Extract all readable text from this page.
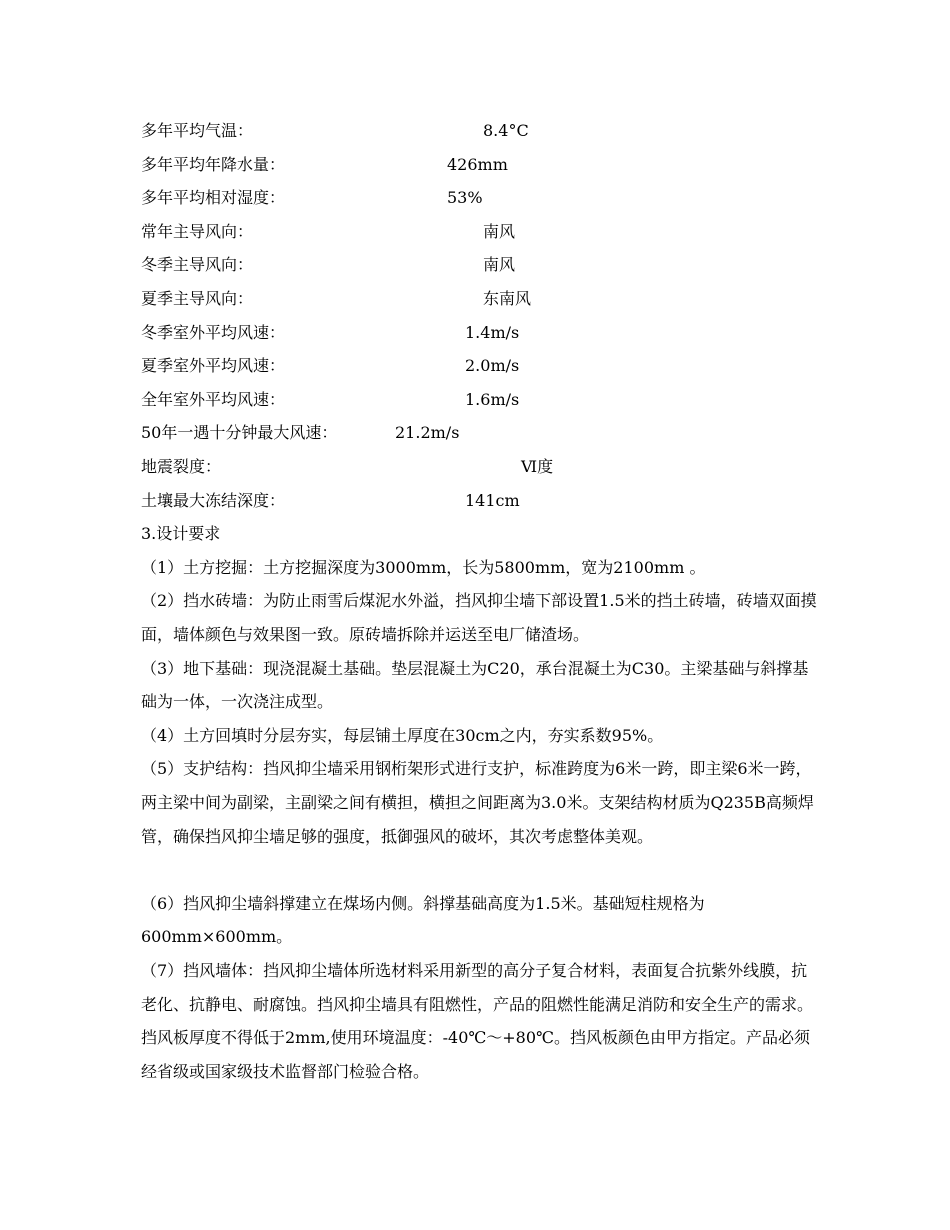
多年平均气温：	8.4°C
多年平均年降水量：	426mm
多年平均相对湿度：	53%
常年主导风向：	南风
冬季主导风向：	南风
夏季主导风向：	东南风
冬季室外平均风速：	1.4m/s
夏季室外平均风速：	2.0m/s
全年室外平均风速：	1.6m/s
50年一遇十分钟最大风速：	21.2m/s
地震裂度：	Ⅵ度
土壤最大冻结深度：	141cm
3.设计要求
（1）土方挖掘：土方挖掘深度为3000mm，长为5800mm，宽为2100mm 。
（2）挡水砖墙：为防止雨雪后煤泥水外溢，挡风抑尘墙下部设置1.5米的挡土砖墙，砖墙双面摸面，墙体颜色与效果图一致。原砖墙拆除并运送至电厂储渣场。
（3）地下基础：现浇混凝土基础。垫层混凝土为C20，承台混凝土为C30。主梁基础与斜撑基础为一体，一次浇注成型。
（4）土方回填时分层夯实，每层铺土厚度在30cm之内，夯实系数95%。
（5）支护结构：挡风抑尘墙采用钢桁架形式进行支护，标准跨度为6米一跨，即主梁6米一跨，两主梁中间为副梁，主副梁之间有横担，横担之间距离为3.0米。支架结构材质为Q235B高频焊管，确保挡风抑尘墙足够的强度，抵御强风的破坏，其次考虑整体美观。
（6）挡风抑尘墙斜撑建立在煤场内侧。斜撑基础高度为1.5米。基础短柱规格为600mm×600mm。
（7）挡风墙体：挡风抑尘墙体所选材料采用新型的高分子复合材料，表面复合抗紫外线膜，抗老化、抗静电、耐腐蚀。挡风抑尘墙具有阻燃性，产品的阻燃性能满足消防和安全生产的需求。挡风板厚度不得低于2mm,使用环境温度：-40℃～+80℃。挡风板颜色由甲方指定。产品必须经省级或国家级技术监督部门检验合格。
